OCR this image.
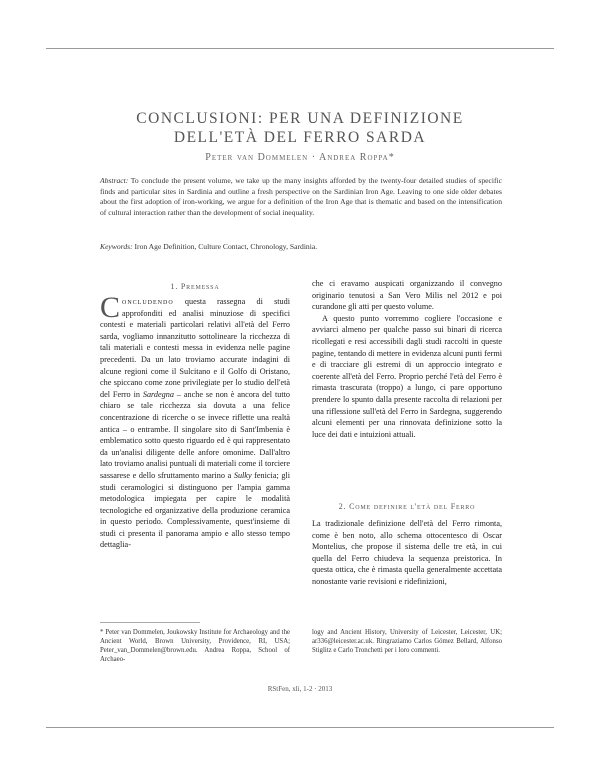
CONCLUSIONI: PER UNA DEFINIZIONE
DELL'ETÀ DEL FERRO SARDA
Peter van Dommelen · Andrea Roppa*
Abstract: To conclude the present volume, we take up the many insights afforded by the twenty-four detailed studies of specific finds and particular sites in Sardinia and outline a fresh perspective on the Sardinian Iron Age. Leaving to one side older debates about the first adoption of iron-working, we argue for a definition of the Iron Age that is thematic and based on the intensification of cultural interaction rather than the development of social inequality.
Keywords: Iron Age Definition, Culture Contact, Chronology, Sardinia.
1. Premessa

Concludendo questa rassegna di studi approfonditi ed analisi minuziose di specifici contesti e materiali particolari relativi all'età del Ferro sarda, vogliamo innanzitutto sottolineare la ricchezza di tali materiali e contesti messa in evidenza nelle pagine precedenti. Da un lato troviamo accurate indagini di alcune regioni come il Sulcitano e il Golfo di Oristano, che spiccano come zone privilegiate per lo studio dell'età del Ferro in Sardegna – anche se non è ancora del tutto chiaro se tale ricchezza sia dovuta a una felice concentrazione di ricerche o se invece riflette una realtà antica – o entrambe. Il singolare sito di Sant'Imbenia è emblematico sotto questo riguardo ed è qui rappresentato da un'analisi diligente delle anfore omonime. Dall'altro lato troviamo analisi puntuali di materiali come il torciere sassarese e dello sfruttamento marino a Sulky fenicia; gli studi ceramologici si distinguono per l'ampia gamma metodologica impiegata per capire le modalità tecnologiche ed organizzative della produzione ceramica in questo periodo. Complessivamente, quest'insieme di studi ci presenta il panorama ampio e allo stesso tempo dettaglia-

che ci eravamo auspicati organizzando il convegno originario tenutosi a San Vero Milis nel 2012 e poi curandone gli atti per questo volume.

A questo punto vorremmo cogliere l'occasione e avviarci almeno per qualche passo sui binari di ricerca ricollegati e resi accessibili dagli studi raccolti in queste pagine, tentando di mettere in evidenza alcuni punti fermi e di tracciare gli estremi di un approccio integrato e coerente all'età del Ferro. Proprio perché l'età del Ferro è rimasta trascurata (troppo) a lungo, ci pare opportuno prendere lo spunto dalla presente raccolta di relazioni per una riflessione sull'età del Ferro in Sardegna, suggerendo alcuni elementi per una rinnovata definizione sotto la luce dei dati e intuizioni attuali.

2. Come definire l'età del Ferro

La tradizionale definizione dell'età del Ferro rimonta, come è ben noto, allo schema ottocentesco di Oscar Montelius, che propose il sistema delle tre età, in cui quella del Ferro chiudeva la sequenza preistorica. In questa ottica, che è rimasta quella generalmente accettata nonostante varie revisioni e ridefinizioni,

* Peter van Dommelen, Joukowsky Institute for Archaeology and the Ancient World, Brown University, Providence, RI, USA; Peter_van_Dommelen@brown.edu. Andrea Roppa, School of Archaeo-
logy and Ancient History, University of Leicester, Leicester, UK; ar336@leicester.ac.uk. Ringraziamo Carlos Gómez Bellard, Alfonso Stiglitz e Carlo Tronchetti per i loro commenti.
RStFen, xli, 1-2 · 2013
